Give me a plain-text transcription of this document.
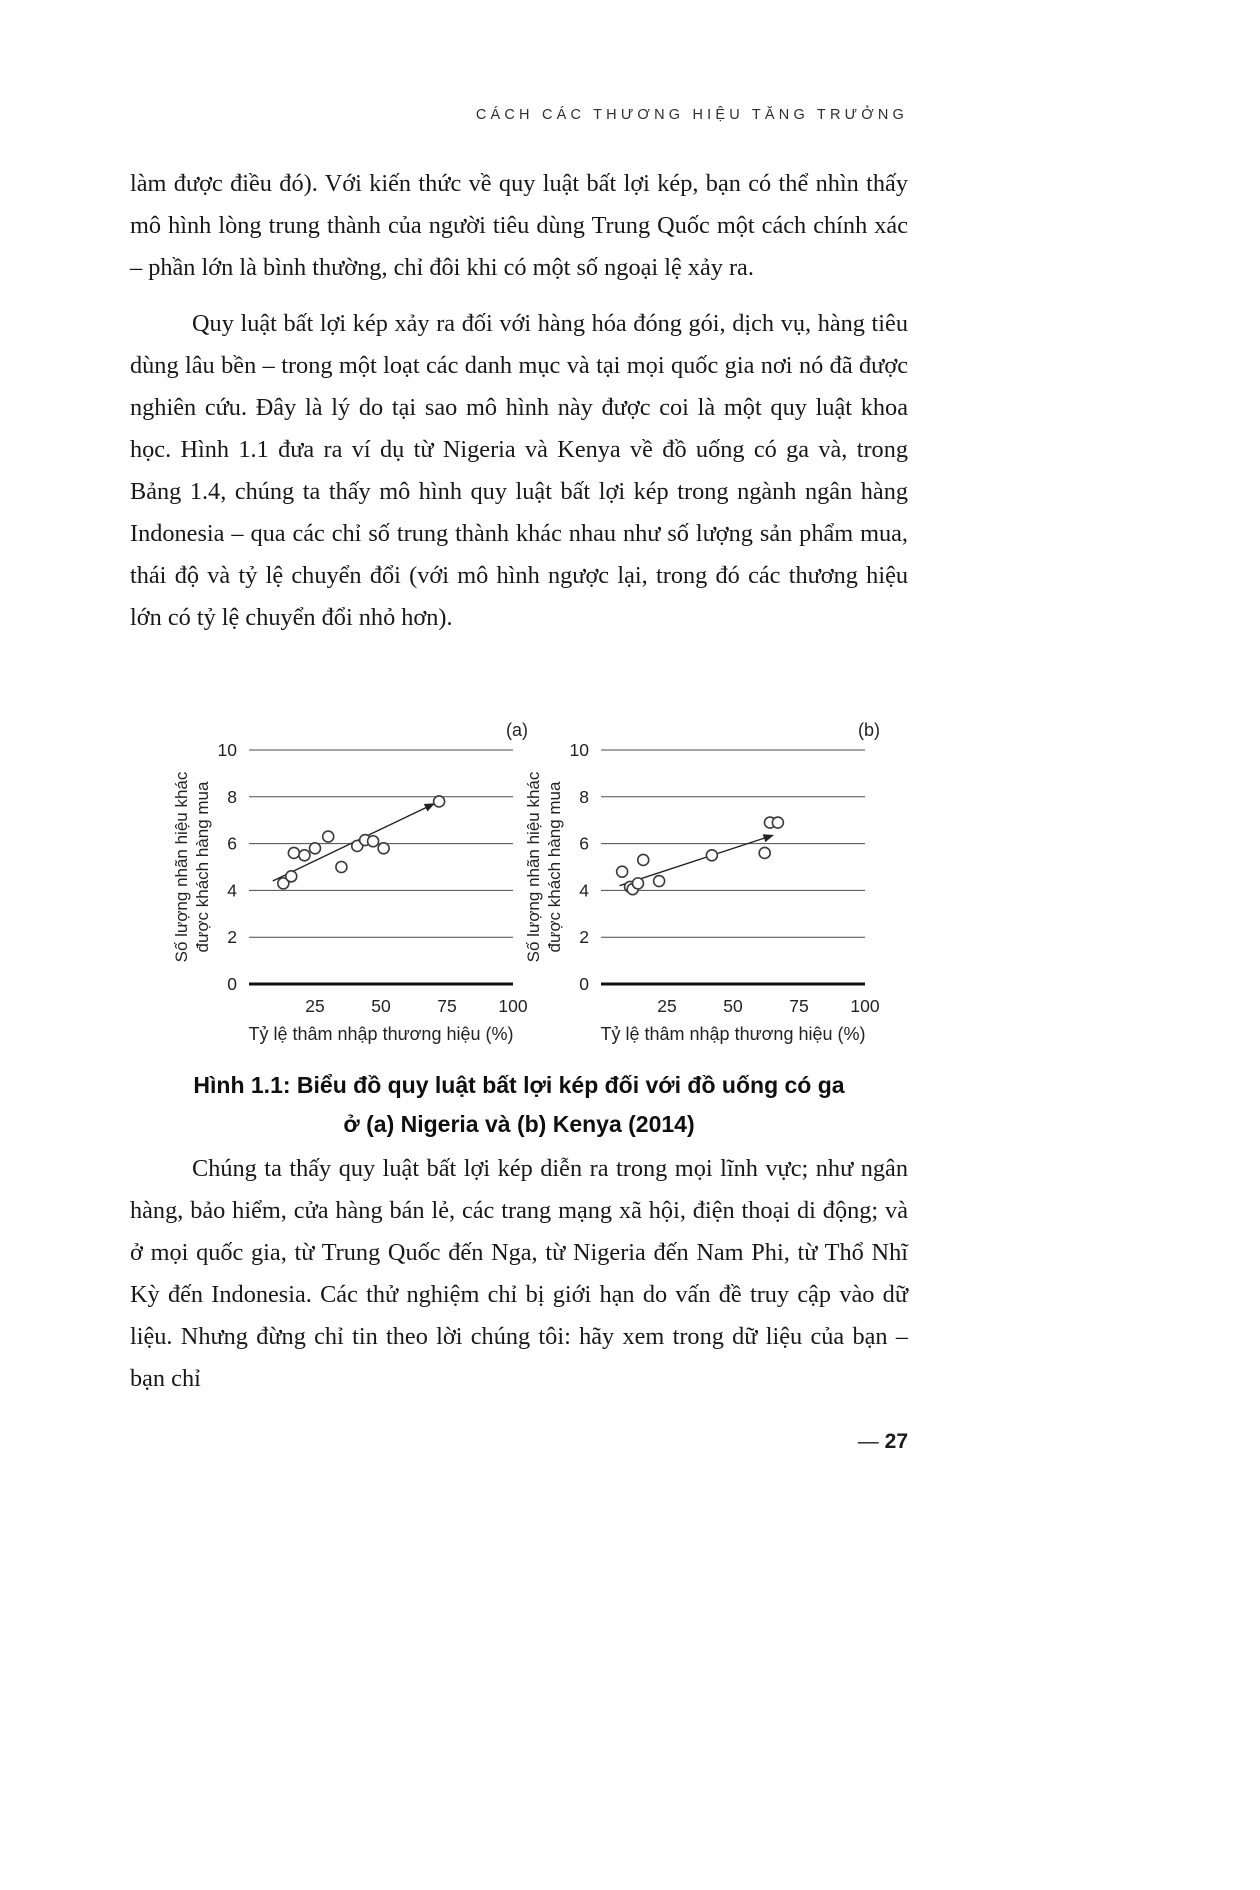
CÁCH CÁC THƯƠNG HIỆU TĂNG TRƯỞNG

làm được điều đó). Với kiến thức về quy luật bất lợi kép, bạn có thể nhìn thấy mô hình lòng trung thành của người tiêu dùng Trung Quốc một cách chính xác – phần lớn là bình thường, chỉ đôi khi có một số ngoại lệ xảy ra.

Quy luật bất lợi kép xảy ra đối với hàng hóa đóng gói, dịch vụ, hàng tiêu dùng lâu bền – trong một loạt các danh mục và tại mọi quốc gia nơi nó đã được nghiên cứu. Đây là lý do tại sao mô hình này được coi là một quy luật khoa học. Hình 1.1 đưa ra ví dụ từ Nigeria và Kenya về đồ uống có ga và, trong Bảng 1.4, chúng ta thấy mô hình quy luật bất lợi kép trong ngành ngân hàng Indonesia – qua các chỉ số trung thành khác nhau như số lượng sản phẩm mua, thái độ và tỷ lệ chuyển đổi (với mô hình ngược lại, trong đó các thương hiệu lớn có tỷ lệ chuyển đổi nhỏ hơn).

0
2
4
6
8
10
25	50	75 100
Tỷ lệ thâm nhập thương hiệu (%)
Số lượng nhãn hiệu khác được khách hàng mua
(a)
0
2
4
6
8
10
25	50	75 100
Tỷ lệ thâm nhập thương hiệu (%)
Số lượng nhãn hiệu khác được khách hàng mua
(b)
Hình 1.1: Biểu đồ quy luật bất lợi kép đối với đồ uống có ga
ở (a) Nigeria và (b) Kenya (2014)

Chúng ta thấy quy luật bất lợi kép diễn ra trong mọi lĩnh vực; như ngân hàng, bảo hiểm, cửa hàng bán lẻ, các trang mạng xã hội, điện thoại di động; và ở mọi quốc gia, từ Trung Quốc đến Nga, từ Nigeria đến Nam Phi, từ Thổ Nhĩ Kỳ đến Indonesia. Các thử nghiệm chỉ bị giới hạn do vấn đề truy cập vào dữ liệu. Nhưng đừng chỉ tin theo lời chúng tôi: hãy xem trong dữ liệu của bạn – bạn chỉ

— 27
